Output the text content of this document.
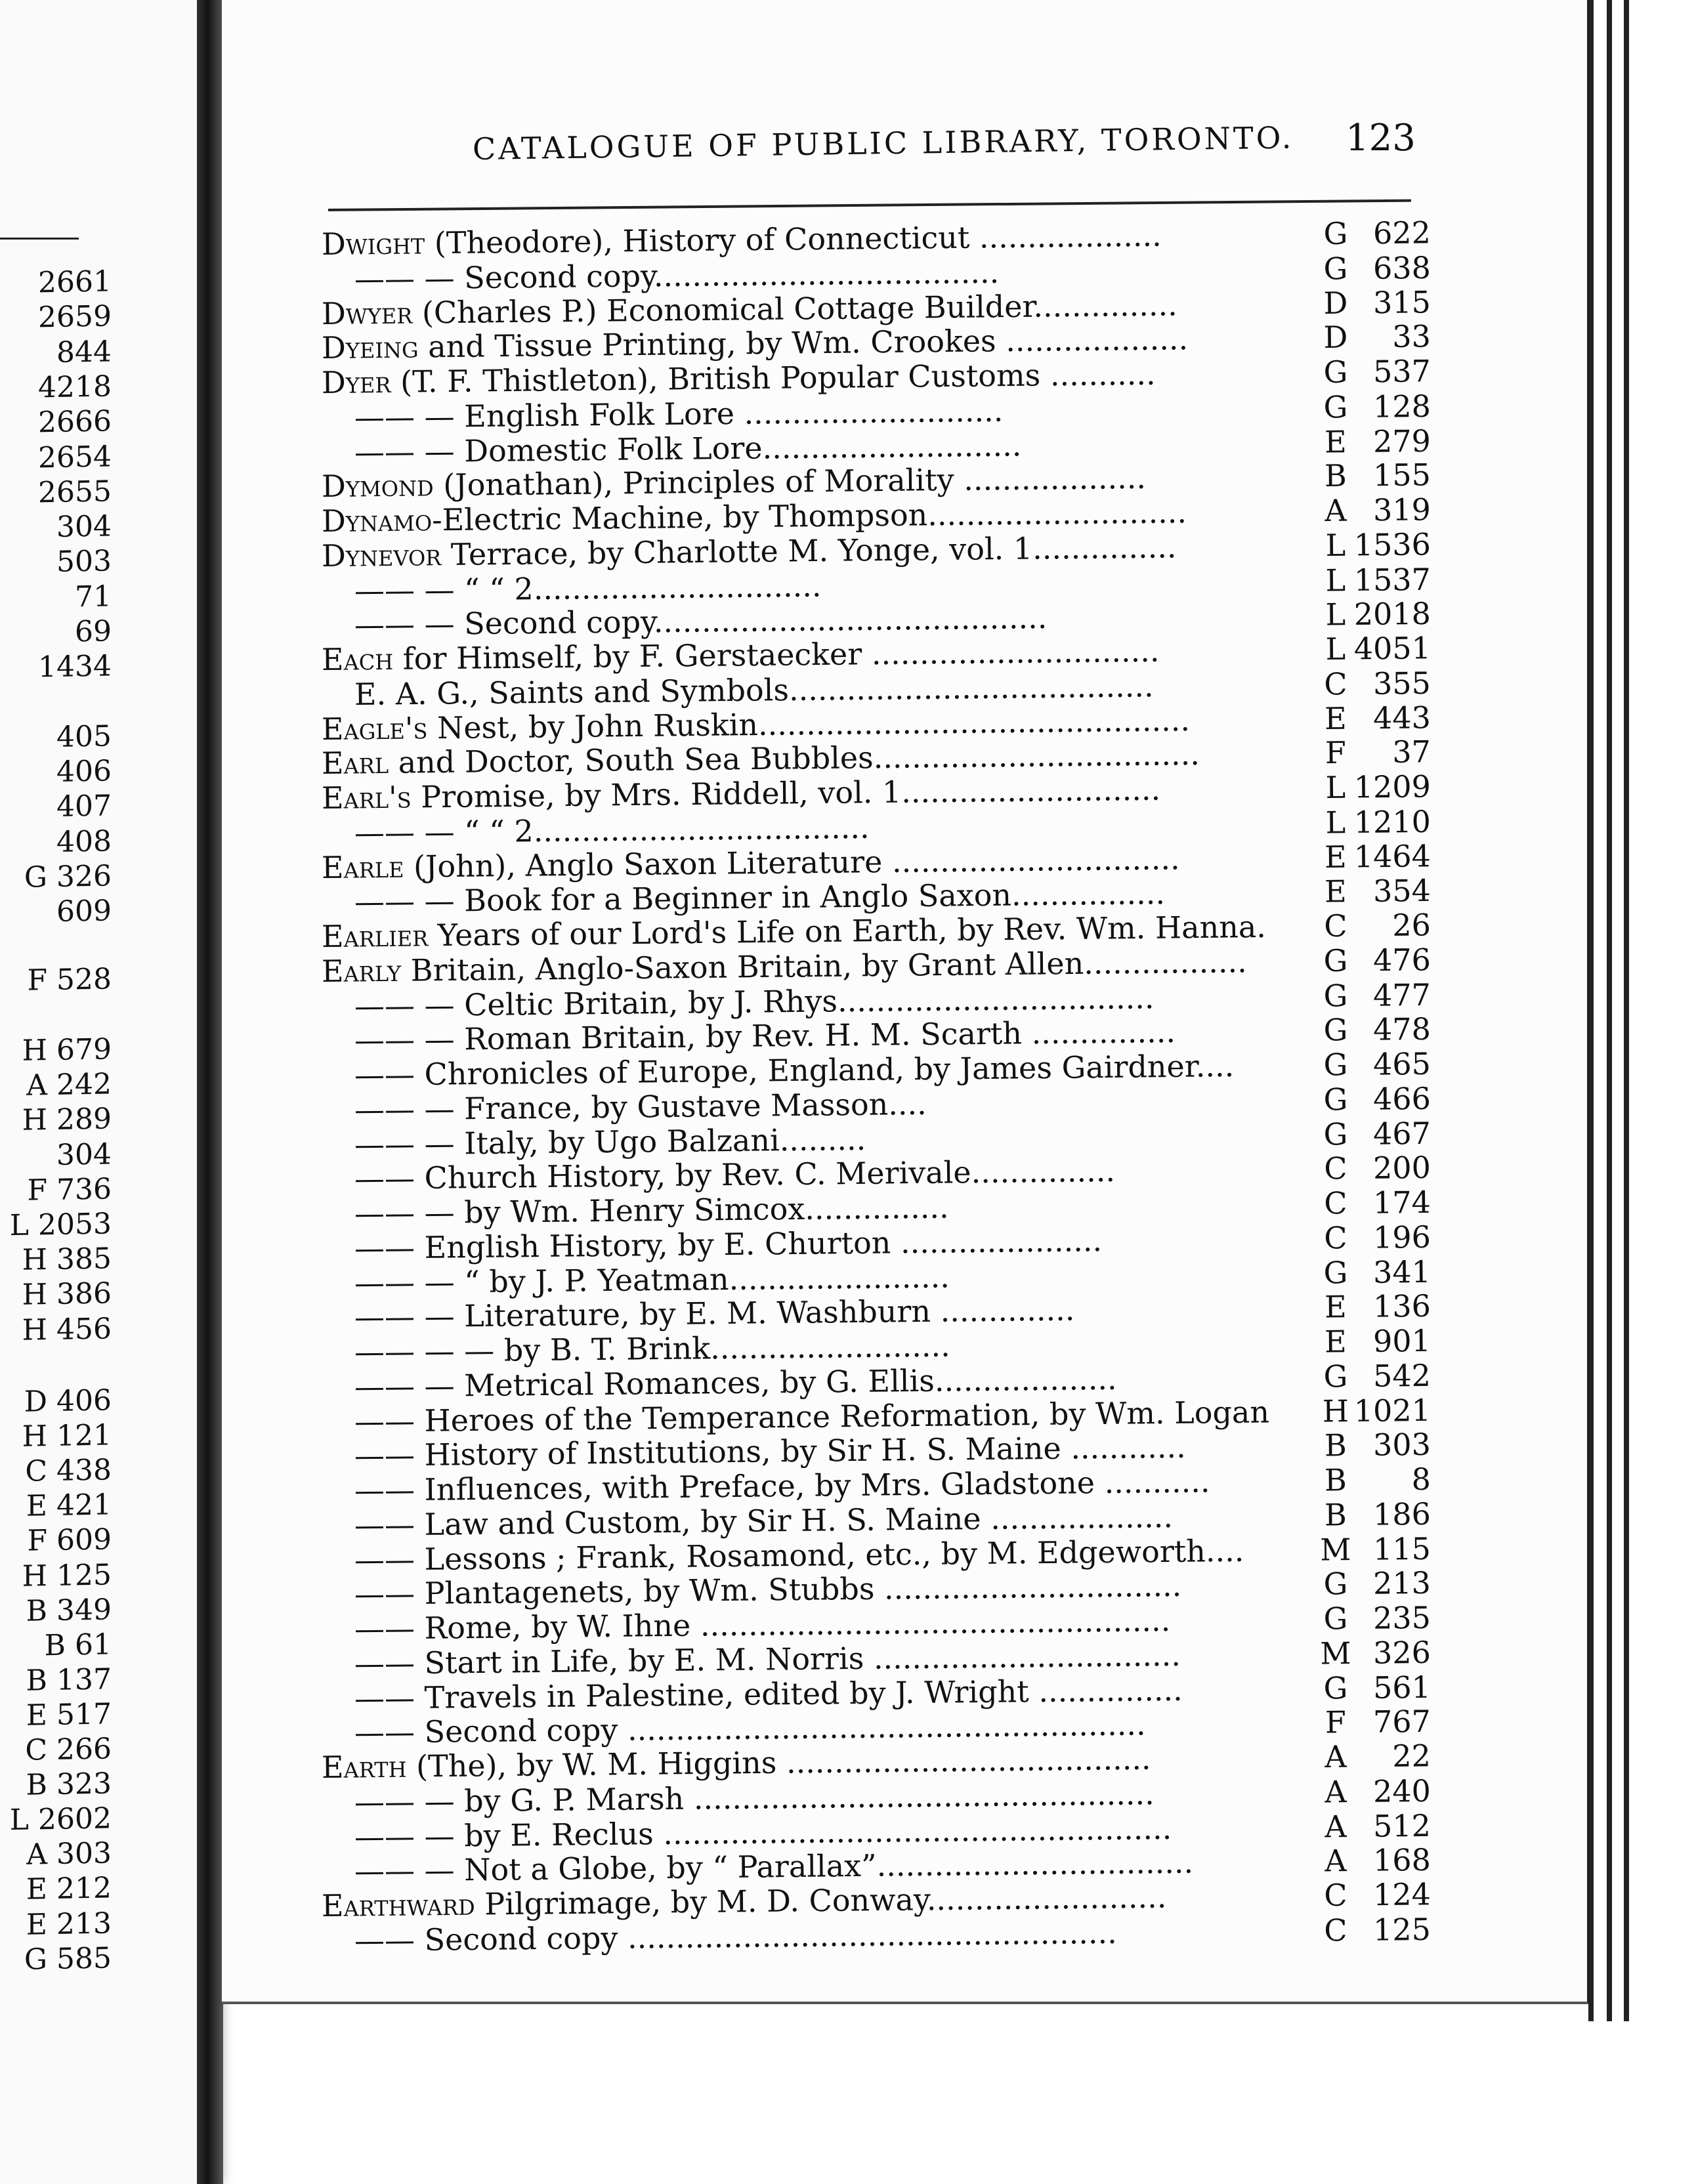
2661
2659
844
4218
2666
2654
2655
304
503
71
69
1434
405
406
407
408
G 326
609
F 528
H 679
A 242
H 289
304
F 736
L 2053
H 385
H 386
H 456
D 406
H 121
C 438
E 421
F 609
H 125
B 349
B 61
B 137
E 517
C 266
B 323
L 2602
A 303
E 212
E 213
G 585
CATALOGUE OF PUBLIC LIBRARY, TORONTO. 123
Dwight (Theodore), History of Connecticut ...................	G 622
—— — Second copy....................................	G 638
Dwyer (Charles P.) Economical Cottage Builder...............	D 315
Dyeing and Tissue Printing, by Wm. Crookes ...................	D	33
Dyer (T. F. Thistleton), British Popular Customs ...........	G 537
—— — English Folk Lore ...........................	G 128
—— — Domestic Folk Lore...........................	E 279
Dymond (Jonathan), Principles of Morality ...................	B 155
Dynamo-Electric Machine, by Thompson...........................	A 319
Dynevor Terrace, by Charlotte M. Yonge, vol. 1...............	L 1536
—— — “ “ 2..............................	L 1537
—— — Second copy.........................................	L 2018
Each for Himself, by F. Gerstaecker ..............................	L 4051
E. A. G., Saints and Symbols......................................	C 355
Eagle's Nest, by John Ruskin.............................................	E 443
Earl and Doctor, South Sea Bubbles..................................	F	37
Earl's Promise, by Mrs. Riddell, vol. 1...........................	L 1209
—— — “ “ 2...................................	L 1210
Earle (John), Anglo Saxon Literature ..............................	E 1464
—— — Book for a Beginner in Anglo Saxon................	E 354
Earlier Years of our Lord's Life on Earth, by Rev. Wm. Hanna. C	26
Early Britain, Anglo-Saxon Britain, by Grant Allen.................	G 476
—— — Celtic Britain, by J. Rhys.................................	G 477
—— — Roman Britain, by Rev. H. M. Scarth ...............	G 478
—— Chronicles of Europe, England, by James Gairdner....	G 465
—— — France, by Gustave Masson....	G 466
—— — Italy, by Ugo Balzani.........	G 467
—— Church History, by Rev. C. Merivale...............	C 200
—— — by Wm. Henry Simcox...............	C 174
—— English History, by E. Churton .....................	C 196
—— — “ by J. P. Yeatman.......................	G 341
—— — Literature, by E. M. Washburn ..............	E 136
—— — — by B. T. Brink.........................	E 901
—— — Metrical Romances, by G. Ellis...................	G 542
—— Heroes of the Temperance Reformation, by Wm. Logan H 1021
—— History of Institutions, by Sir H. S. Maine ............	B 303
—— Influences, with Preface, by Mrs. Gladstone ...........	B	8
—— Law and Custom, by Sir H. S. Maine ...................	B 186
—— Lessons ; Frank, Rosamond, etc., by M. Edgeworth....	M 115
—— Plantagenets, by Wm. Stubbs ...............................	G 213
—— Rome, by W. Ihne .................................................	G 235
—— Start in Life, by E. M. Norris ................................	M 326
—— Travels in Palestine, edited by J. Wright ...............	G 561
—— Second copy ......................................................	F 767
Earth (The), by W. M. Higgins ......................................	A	22
—— — by G. P. Marsh ................................................	A 240
—— — by E. Reclus .....................................................	A 512
—— — Not a Globe, by “ Parallax”.................................	A 168
Earthward Pilgrimage, by M. D. Conway.........................	C 124
—— Second copy ...................................................	C 125
